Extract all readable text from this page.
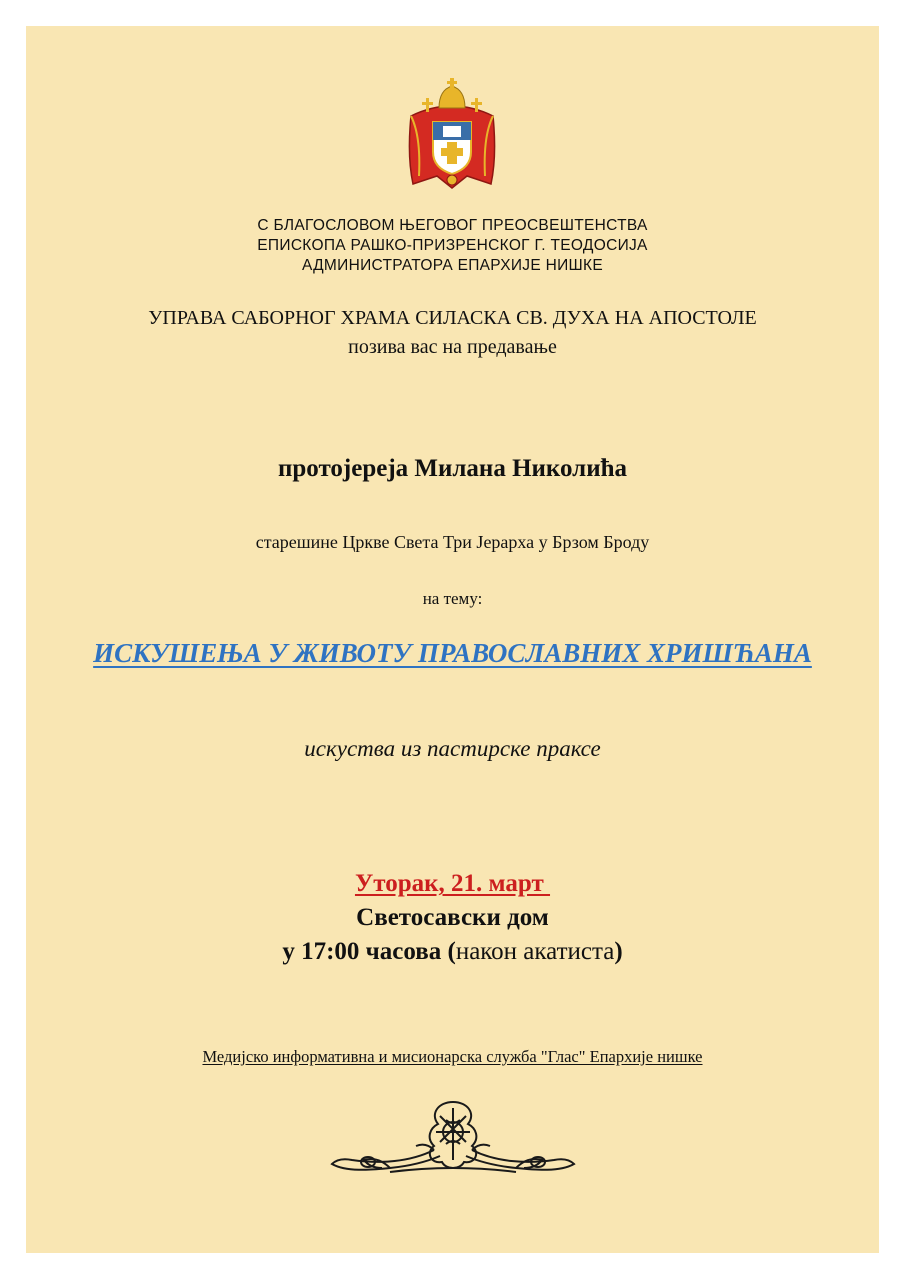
С БЛАГОСЛОВОМ ЊЕГОВОГ ПРЕОСВЕШТЕНСТВА
ЕПИСКОПА РАШКО-ПРИЗРЕНСКОГ Г. ТЕОДОСИЈА
АДМИНИСТРАТОРА ЕПАРХИЈЕ НИШКЕ
УПРАВА САБОРНОГ ХРАМА СИЛАСКА СВ. ДУХА НА АПОСТОЛЕ
позива вас на предавање
протојереја Милана Николића
старешине Цркве Света Три Јерарха у Брзом Броду
на тему:
ИСКУШЕЊА У ЖИВОТУ ПРАВОСЛАВНИХ ХРИШЋАНА
искуства из пастирске праксе
Уторак, 21. март
Светосавски дом
у 17:00 часова (након акатиста)
Медијско информативна и мисионарска служба "Глас" Епархије нишке
